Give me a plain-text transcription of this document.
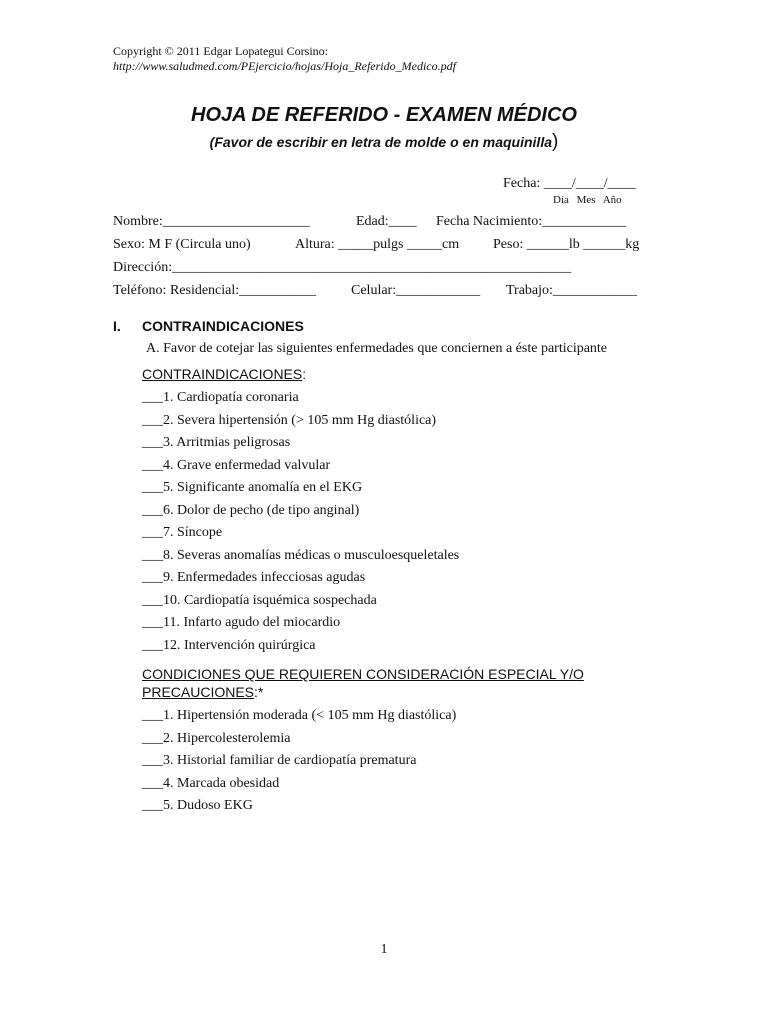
Copyright © 2011 Edgar Lopategui Corsino:
http://www.saludmed.com/PEjercicio/hojas/Hoja_Referido_Medico.pdf
HOJA DE REFERIDO - EXAMEN MÉDICO
(Favor de escribir en letra de molde o en maquinilla)
Fecha: ____/____/____
Día Mes Año
Nombre:_____________________	Edad:____ Fecha Nacimiento:____________
Sexo: M F (Circula uno)	Altura: _____pulgs _____cm Peso: ______lb ______kg
Dirección:_________________________________________________________
Teléfono: Residencial:___________ Celular:____________ Trabajo:____________
I. CONTRAINDICACIONES
A. Favor de cotejar las siguientes enfermedades que conciernen a éste participante
CONTRAINDICACIONES:
___1. Cardiopatía coronaria
___2. Severa hipertensión (> 105 mm Hg diastólica)
___3. Arritmias peligrosas
___4. Grave enfermedad valvular
___5. Significante anomalía en el EKG
___6. Dolor de pecho (de tipo anginal)
___7. Síncope
___8. Severas anomalías médicas o musculoesqueletales
___9. Enfermedades infecciosas agudas
___10. Cardiopatía isquémica sospechada
___11. Infarto agudo del miocardio
___12. Intervención quirúrgica
CONDICIONES QUE REQUIEREN CONSIDERACIÓN ESPECIAL Y/O
PRECAUCIONES:*
___1. Hipertensión moderada (< 105 mm Hg diastólica)
___2. Hipercolesterolemia
___3. Historial familiar de cardiopatía prematura
___4. Marcada obesidad
___5. Dudoso EKG
1
